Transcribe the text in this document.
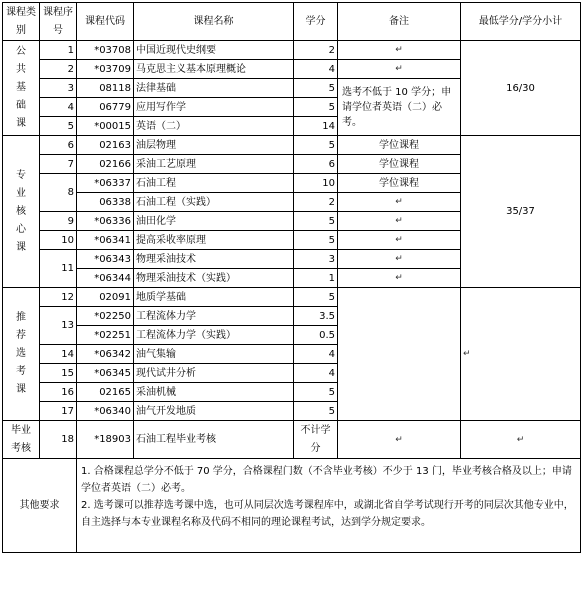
课程类别	课程序号	课程代码	课程名称	学分	备注	最低学分/学分小计
公共基础课	1	*03708	中国近现代史纲要	2	↵	16/30
	2	*03709	马克思主义基本原理概论	4	↵	
	3	08118	法律基础	5	选考不低于 10 学分；申请学位者英语（二）必考。	
	4	06779	应用写作学	5		
	5	*00015	英语（二）	14		
专业核心课	6	02163	油层物理	5	学位课程	35/37
	7	02166	采油工艺原理	6	学位课程	
	8	*06337	石油工程	10	学位课程	
		06338	石油工程（实践）	2	↵	
	9	*06336	油田化学	5	↵	
	10	*06341	提高采收率原理	5	↵	
	11	*06343	物理采油技术	3	↵	
		*06344	物理采油技术（实践）	1	↵	
推荐选考课	12	02091	地质学基础	5		↵
	13	*02250	工程流体力学	3.5		
		*02251	工程流体力学（实践）	0.5		
	14	*06342	油气集输	4		
	15	*06345	现代试井分析	4		
	16	02165	采油机械	5		
	17	*06340	油气开发地质	5		
毕业考核	18	*18903	石油工程毕业考核	不计学分	↵	↵
其他要求		1. 合格课程总学分不低于 70 学分，合格课程门数（不含毕业考核）不少于 13 门，毕业考核合格及以上；申请学位者英语（二）必考。
2. 选考课可以推荐选考课中选，也可从同层次选考课程库中，或湖北省自学考试现行开考的同层次其他专业中，自主选择与本专业课程名称及代码不相同的理论课程考试，达到学分规定要求。				
